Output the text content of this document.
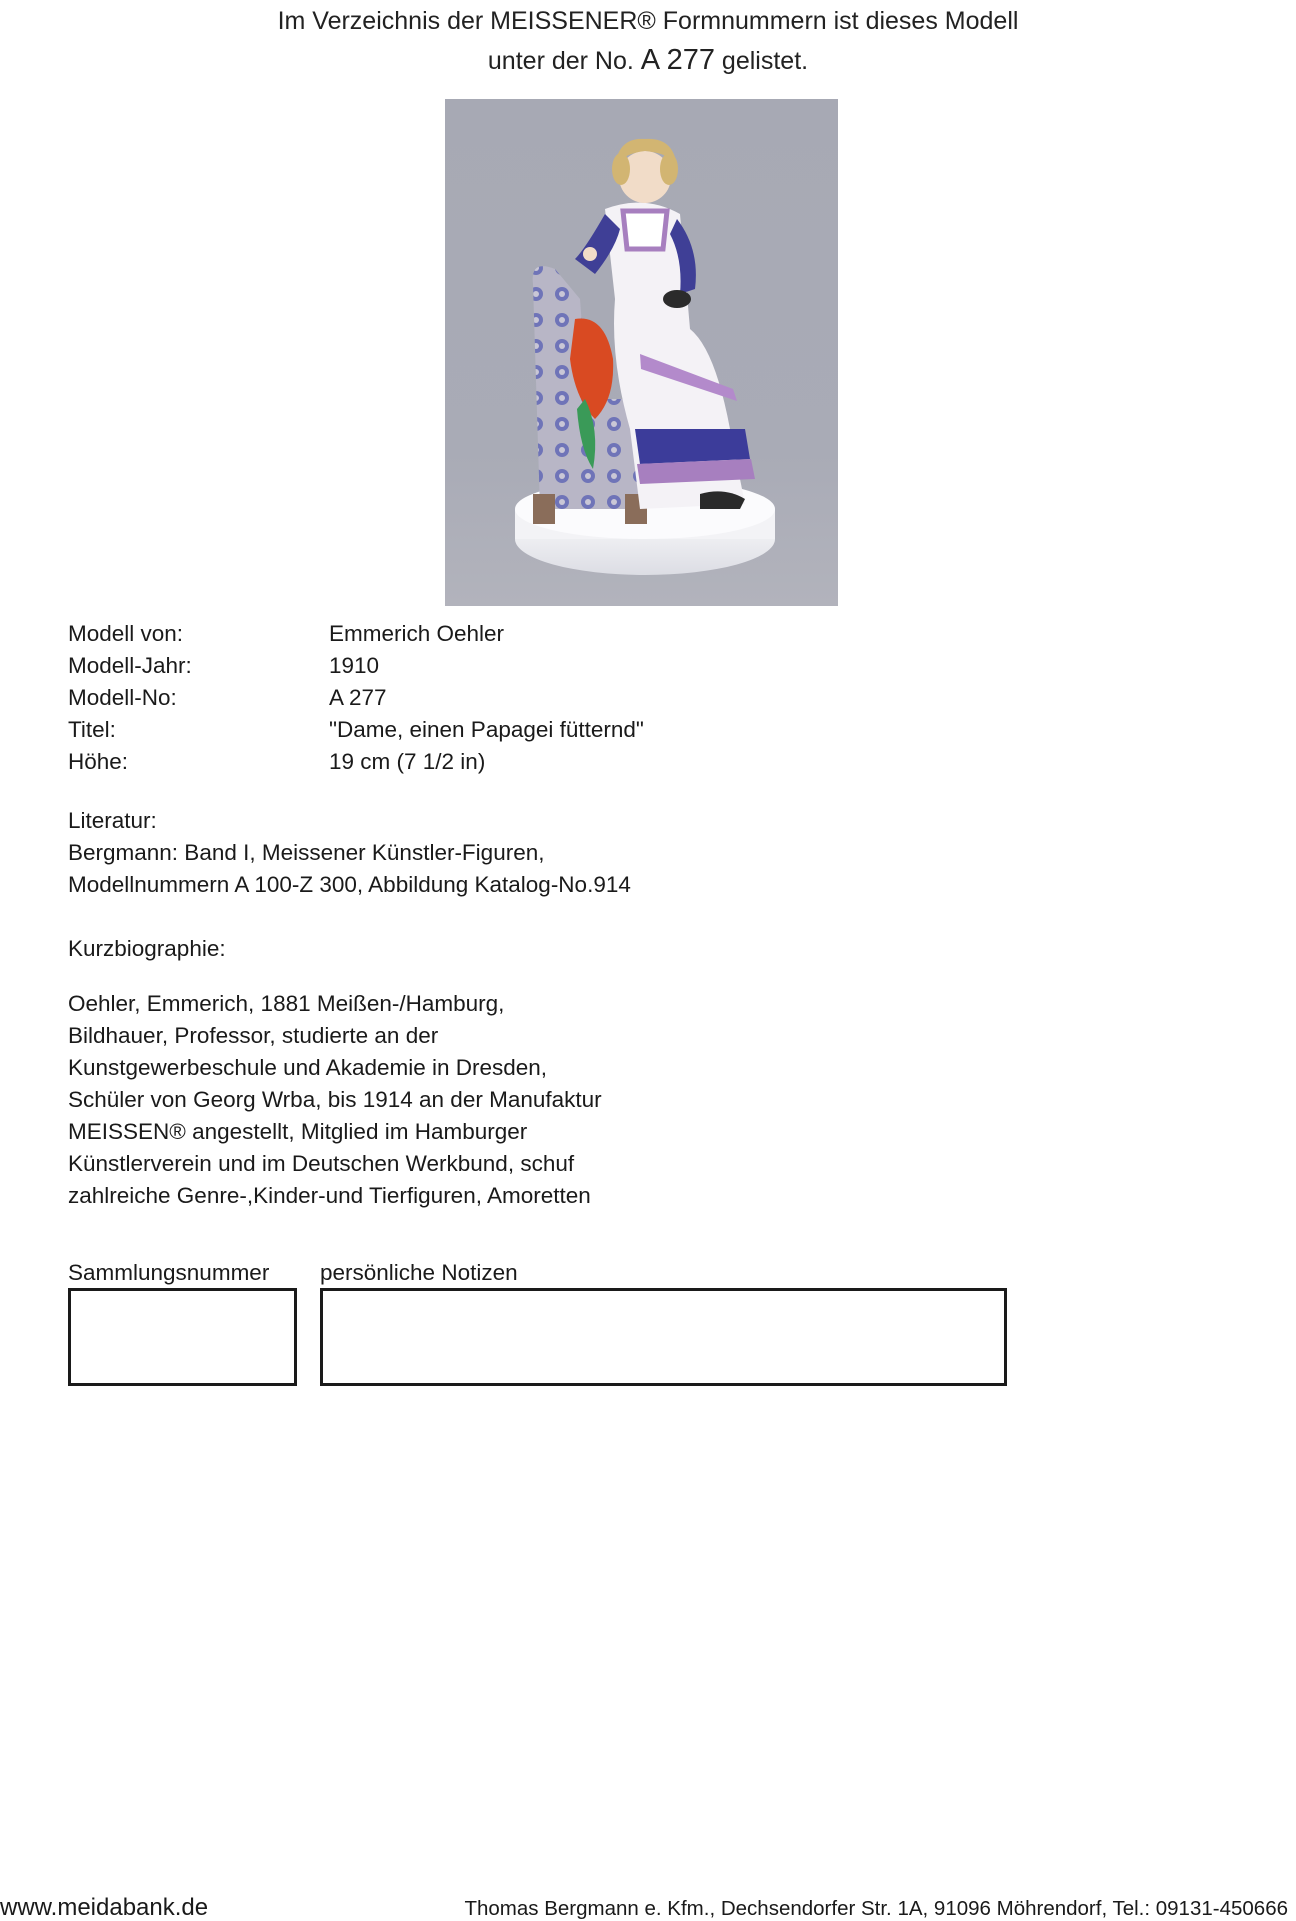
Im Verzeichnis der MEISSENER® Formnummern ist dieses Modell
unter der No. A 277 gelistet.
Modell von:	Emmerich Oehler
Modell-Jahr:	1910
Modell-No:	A 277
Titel:	"Dame, einen Papagei fütternd"
Höhe:	19 cm (7 1/2 in)

Literatur:

Bergmann: Band I, Meissener Künstler-Figuren,

Modellnummern A 100-Z 300, Abbildung Katalog-No.914

Kurzbiographie:

Oehler, Emmerich, 1881 Meißen-/Hamburg,

Bildhauer, Professor, studierte an der

Kunstgewerbeschule und Akademie in Dresden,

Schüler von Georg Wrba, bis 1914 an der Manufaktur

MEISSEN® angestellt, Mitglied im Hamburger

Künstlerverein und im Deutschen Werkbund, schuf

zahlreiche Genre-,Kinder-und Tierfiguren, Amoretten

Sammlungsnummer persönliche Notizen
www.meidabank.de	Thomas Bergmann e. Kfm., Dechsendorfer Str. 1A, 91096 Möhrendorf, Tel.: 09131-450666
